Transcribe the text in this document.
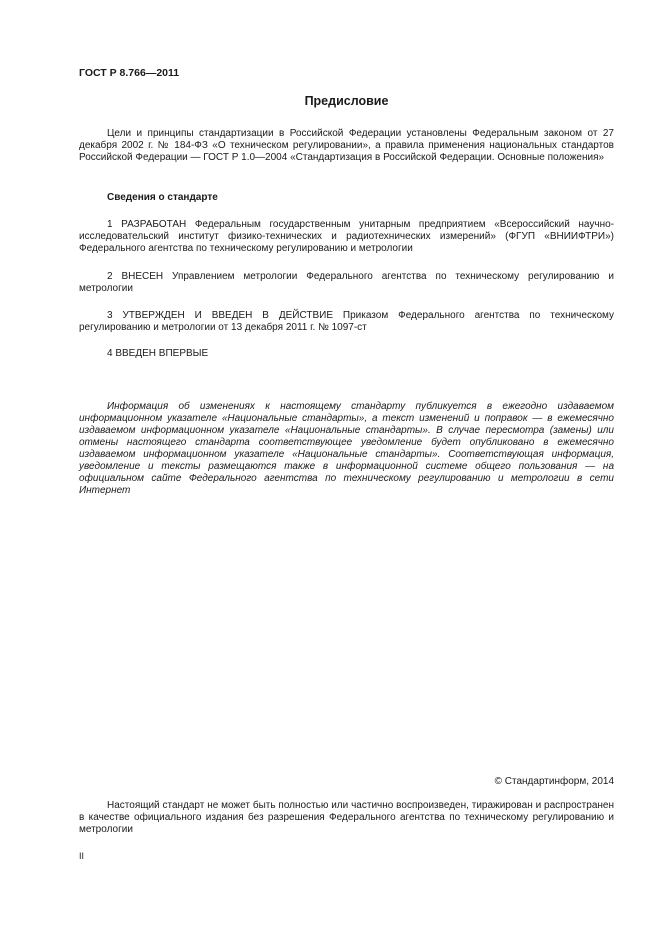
ГОСТ Р 8.766—2011
Предисловие

Цели и принципы стандартизации в Российской Федерации установлены Федеральным законом от 27 декабря 2002 г. № 184-ФЗ «О техническом регулировании», а правила применения национальных стандартов Российской Федерации — ГОСТ Р 1.0—2004 «Стандартизация в Российской Федерации. Основные положения»

Сведения о стандарте

1 РАЗРАБОТАН Федеральным государственным унитарным предприятием «Всероссийский научно-исследовательский институт физико-технических и радиотехнических измерений» (ФГУП «ВНИИФТРИ») Федерального агентства по техническому регулированию и метрологии

2 ВНЕСЕН Управлением метрологии Федерального агентства по техническому регулированию и метрологии

3 УТВЕРЖДЕН И ВВЕДЕН В ДЕЙСТВИЕ Приказом Федерального агентства по техническому регулированию и метрологии от 13 декабря 2011 г. № 1097-ст

4 ВВЕДЕН ВПЕРВЫЕ

Информация об изменениях к настоящему стандарту публикуется в ежегодно издаваемом информационном указателе «Национальные стандарты», а текст изменений и поправок — в ежемесячно издаваемом информационном указателе «Национальные стандарты». В случае пересмотра (замены) или отмены настоящего стандарта соответствующее уведомление будет опубликовано в ежемесячно издаваемом информационном указателе «Национальные стандарты». Соответствующая информация, уведомление и тексты размещаются также в информационной системе общего пользования — на официальном сайте Федерального агентства по техническому регулированию и метрологии в сети Интернет

© Стандартинформ, 2014

Настоящий стандарт не может быть полностью или частично воспроизведен, тиражирован и распространен в качестве официального издания без разрешения Федерального агентства по техническому регулированию и метрологии

II
